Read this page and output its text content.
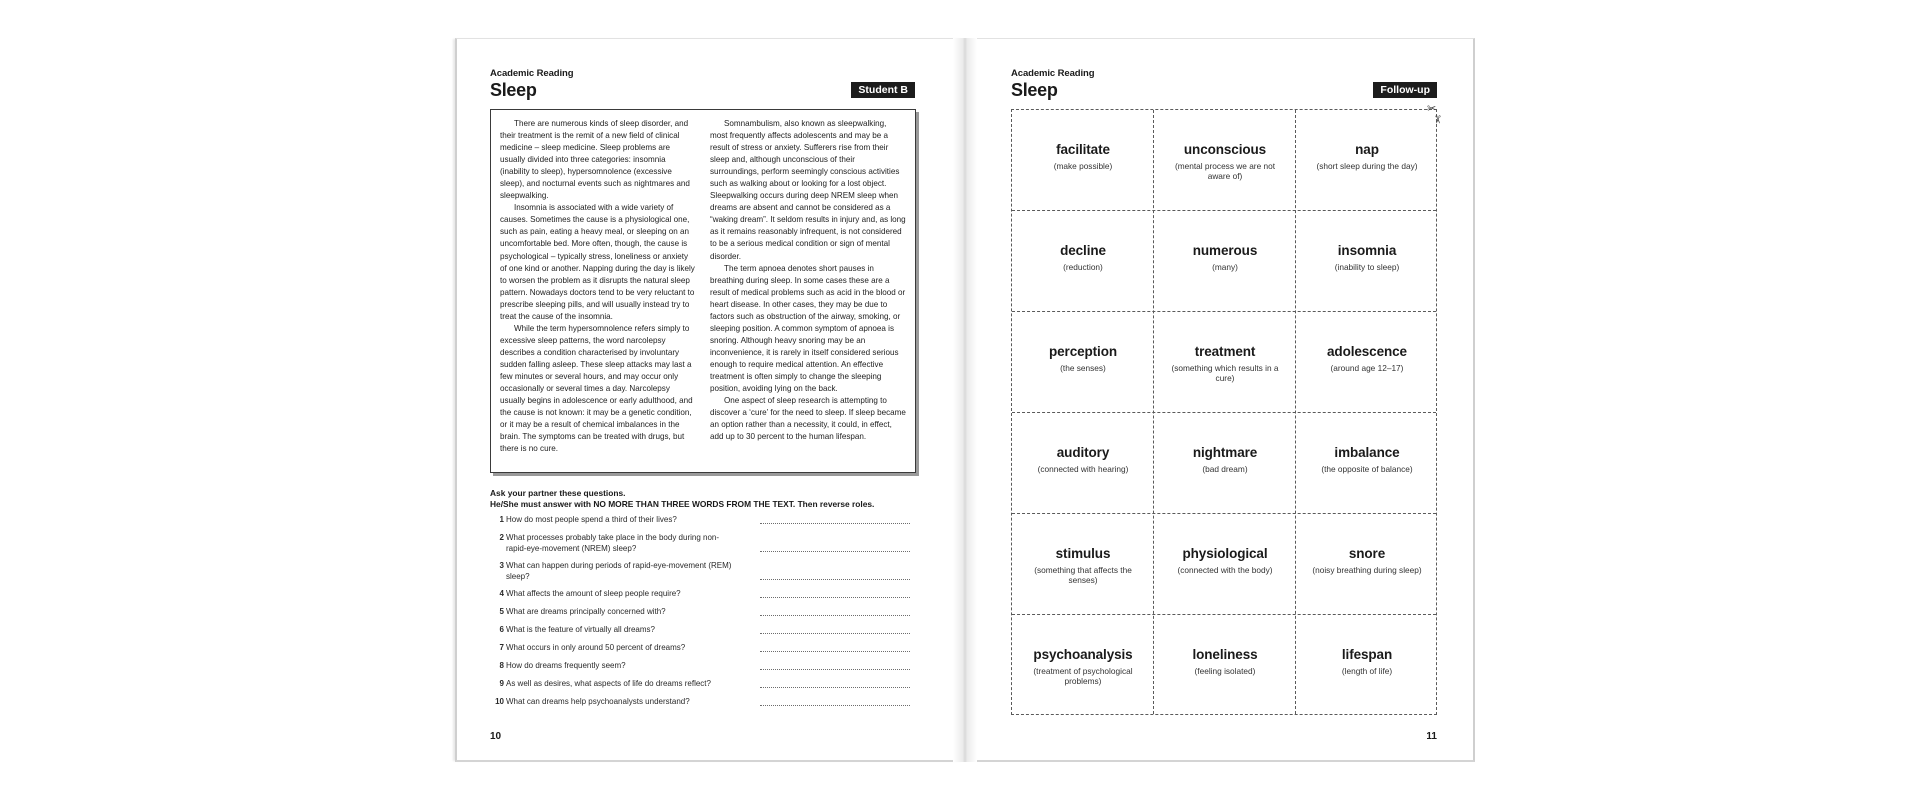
Academic Reading
Sleep	Student B

There are numerous kinds of sleep disorder, and their treatment is the remit of a new field of clinical medicine – sleep medicine. Sleep problems are usually divided into three categories: insomnia (inability to sleep), hypersomnolence (excessive sleep), and nocturnal events such as nightmares and sleepwalking.

Insomnia is associated with a wide variety of causes. Sometimes the cause is a physiological one, such as pain, eating a heavy meal, or sleeping on an uncomfortable bed. More often, though, the cause is psychological – typically stress, loneliness or anxiety of one kind or another. Napping during the day is likely to worsen the problem as it disrupts the natural sleep pattern. Nowadays doctors tend to be very reluctant to prescribe sleeping pills, and will usually instead try to treat the cause of the insomnia.

While the term hypersomnolence refers simply to excessive sleep patterns, the word narcolepsy describes a condition characterised by involuntary sudden falling asleep. These sleep attacks may last a few minutes or several hours, and may occur only occasionally or several times a day. Narcolepsy usually begins in adolescence or early adulthood, and the cause is not known: it may be a genetic condition, or it may be a result of chemical imbalances in the brain. The symptoms can be treated with drugs, but there is no cure.

Somnambulism, also known as sleepwalking, most frequently affects adolescents and may be a result of stress or anxiety. Sufferers rise from their sleep and, although unconscious of their surroundings, perform seemingly conscious activities such as walking about or looking for a lost object. Sleepwalking occurs during deep NREM sleep when dreams are absent and cannot be considered as a “waking dream”. It seldom results in injury and, as long as it remains reasonably infrequent, is not considered to be a serious medical condition or sign of mental disorder.

The term apnoea denotes short pauses in breathing during sleep. In some cases these are a result of medical problems such as acid in the blood or heart disease. In other cases, they may be due to factors such as obstruction of the airway, smoking, or sleeping position. A common symptom of apnoea is snoring. Although heavy snoring may be an inconvenience, it is rarely in itself considered serious enough to require medical attention. An effective treatment is often simply to change the sleeping position, avoiding lying on the back.

One aspect of sleep research is attempting to discover a ‘cure’ for the need to sleep. If sleep became an option rather than a necessity, it could, in effect, add up to 30 percent to the human lifespan.

Ask your partner these questions.
He/She must answer with NO MORE THAN THREE WORDS FROM THE TEXT. Then reverse roles.
1 How do most people spend a third of their lives?
2 What processes probably take place in the body during non-rapid-eye-movement (NREM) sleep?
3 What can happen during periods of rapid-eye-movement (REM) sleep?
4 What affects the amount of sleep people require?
5 What are dreams principally concerned with?
6 What is the feature of virtually all dreams?
7 What occurs in only around 50 percent of dreams?
8 How do dreams frequently seem?
9 As well as desires, what aspects of life do dreams reflect?
10 What can dreams help psychoanalysts understand?
10
Academic Reading
Sleep	Follow-up
facilitate
(make possible)
unconscious
(mental process we are not aware of)
nap
(short sleep during the day)
decline
(reduction)
numerous
(many)
insomnia
(inability to sleep)
perception
(the senses)
treatment
(something which results in a cure)
adolescence
(around age 12–17)
auditory
(connected with hearing)
nightmare
(bad dream)
imbalance
(the opposite of balance)
stimulus
(something that affects the senses)
physiological
(connected with the body)
snore
(noisy breathing during sleep)
psychoanalysis
(treatment of psychological problems)
loneliness
(feeling isolated)
lifespan
(length of life)
✂
✂
11
